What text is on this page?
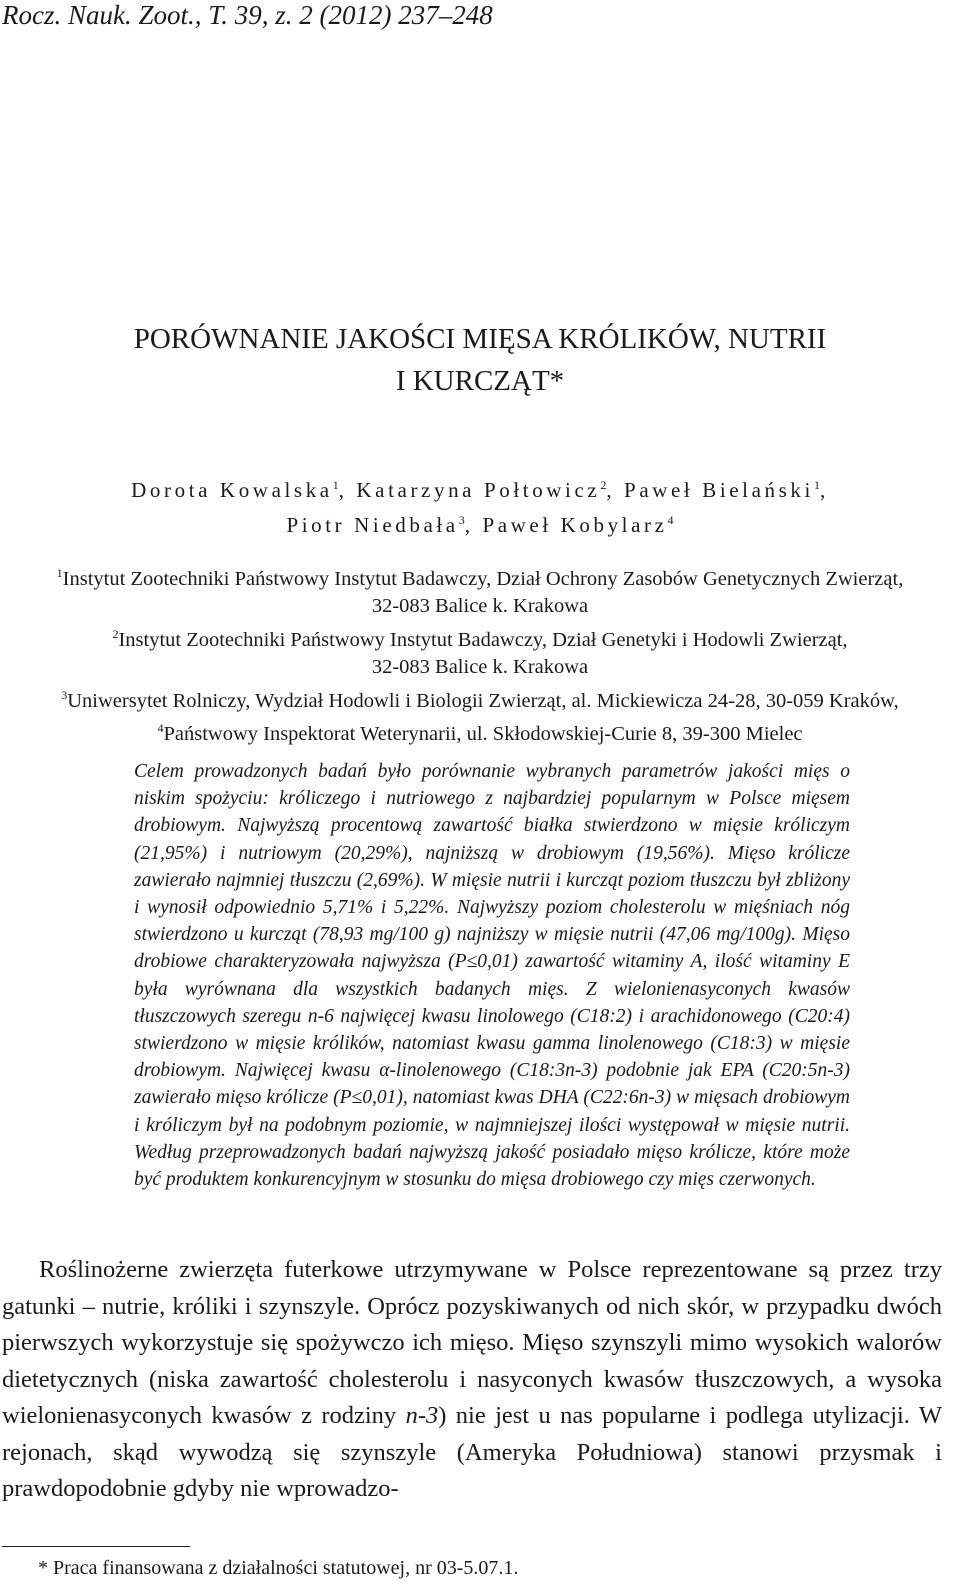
Rocz. Nauk. Zoot., T. 39, z. 2 (2012) 237–248
PORÓWNANIE JAKOŚCI MIĘSA KRÓLIKÓW, NUTRII
I KURCZĄT*
Dorota Kowalska$^1$, Katarzyna Połtowicz$^2$, Paweł Bielański$^1$,
Piotr Niedbała$^3$, Paweł Kobylarz$^4$
$^1$Instytut Zootechniki Państwowy Instytut Badawczy, Dział Ochrony Zasobów Genetycznych Zwierząt,
32-083 Balice k. Krakowa
$^2$Instytut Zootechniki Państwowy Instytut Badawczy, Dział Genetyki i Hodowli Zwierząt,
32-083 Balice k. Krakowa
$^3$Uniwersytet Rolniczy, Wydział Hodowli i Biologii Zwierząt, al. Mickiewicza 24-28, 30-059 Kraków,
$^4$Państwowy Inspektorat Weterynarii, ul. Skłodowskiej-Curie 8, 39-300 Mielec
Celem prowadzonych badań było porównanie wybranych parametrów jakości mięs o niskim spożyciu: króliczego i nutriowego z najbardziej popularnym w Polsce mięsem drobiowym. Najwyższą procentową zawartość białka stwierdzono w mięsie króliczym (21,95%) i nutriowym (20,29%), najniższą w drobiowym (19,56%). Mięso królicze zawierało najmniej tłuszczu (2,69%). W mięsie nutrii i kurcząt poziom tłuszczu był zbliżony i wynosił odpowiednio 5,71% i 5,22%. Najwyższy poziom cholesterolu w mięśniach nóg stwierdzono u kurcząt (78,93 mg/100 g) najniższy w mięsie nutrii (47,06 mg/100g). Mięso drobiowe charakteryzowała najwyższa (P≤0,01) zawartość witaminy A, ilość witaminy E była wyrównana dla wszystkich badanych mięs. Z wielonienasyconych kwasów tłuszczowych szeregu n-6 najwięcej kwasu linolowego (C18:2) i arachidonowego (C20:4) stwierdzono w mięsie królików, natomiast kwasu gamma linolenowego (C18:3) w mięsie drobiowym. Najwięcej kwasu α-linolenowego (C18:3n-3) podobnie jak EPA (C20:5n-3) zawierało mięso królicze (P≤0,01), natomiast kwas DHA (C22:6n-3) w mięsach drobiowym i króliczym był na podobnym poziomie, w najmniejszej ilości występował w mięsie nutrii. Według przeprowadzonych badań najwyższą jakość posiadało mięso królicze, które może być produktem konkurencyjnym w stosunku do mięsa drobiowego czy mięs czerwonych.
Roślinożerne zwierzęta futerkowe utrzymywane w Polsce reprezentowane są przez trzy gatunki – nutrie, króliki i szynszyle. Oprócz pozyskiwanych od nich skór, w przypadku dwóch pierwszych wykorzystuje się spożywczo ich mięso. Mięso szynszyli mimo wysokich walorów dietetycznych (niska zawartość cholesterolu i nasyconych kwasów tłuszczowych, a wysoka wielonienasyconych kwasów z rodziny n-3) nie jest u nas popularne i podlega utylizacji. W rejonach, skąd wywodzą się szynszyle (Ameryka Południowa) stanowi przysmak i prawdopodobnie gdyby nie wprowadzo-
* Praca finansowana z działalności statutowej, nr 03-5.07.1.
